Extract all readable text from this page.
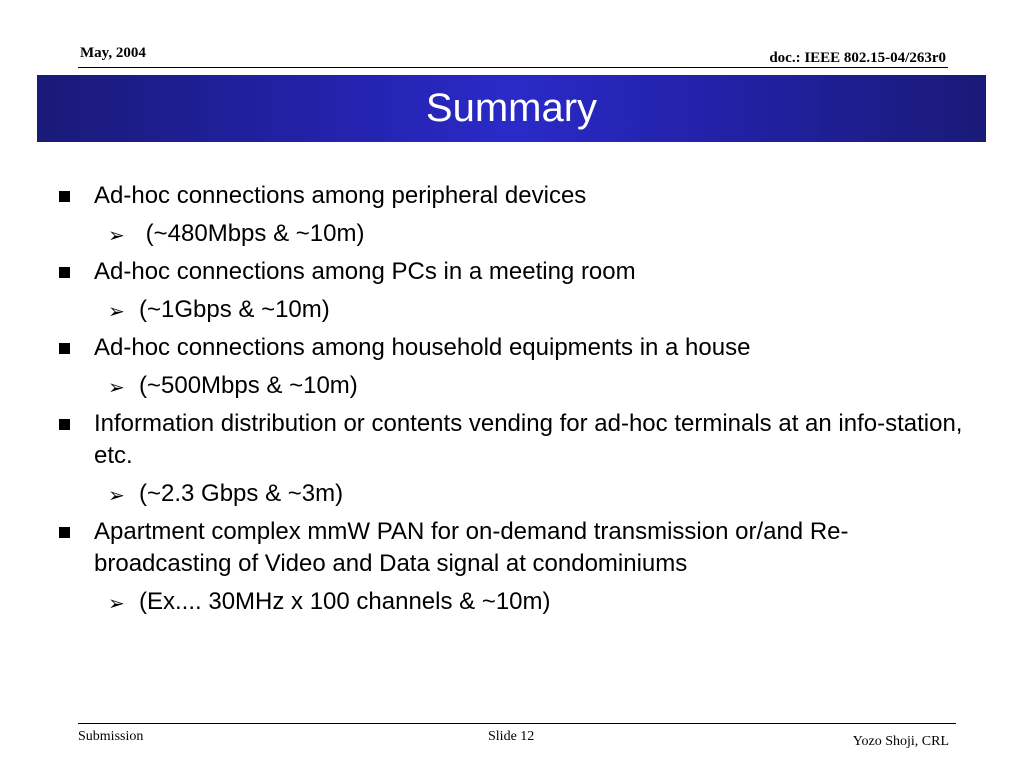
May, 2004	doc.: IEEE 802.15-04/263r0
Summary
Ad-hoc connections among peripheral devices
➢ (~480Mbps & ~10m)
Ad-hoc connections among PCs in a meeting room
➢ (~1Gbps & ~10m)
Ad-hoc connections among household equipments in a house
➢ (~500Mbps & ~10m)
Information distribution or contents vending for ad-hoc terminals at an info-station, etc.
➢ (~2.3 Gbps & ~3m)
Apartment complex mmW PAN for on-demand transmission or/and Re-broadcasting of Video and Data signal at condominiums
➢ (Ex.... 30MHz x 100 channels & ~10m)
Submission	Slide 12	Yozo Shoji, CRL
